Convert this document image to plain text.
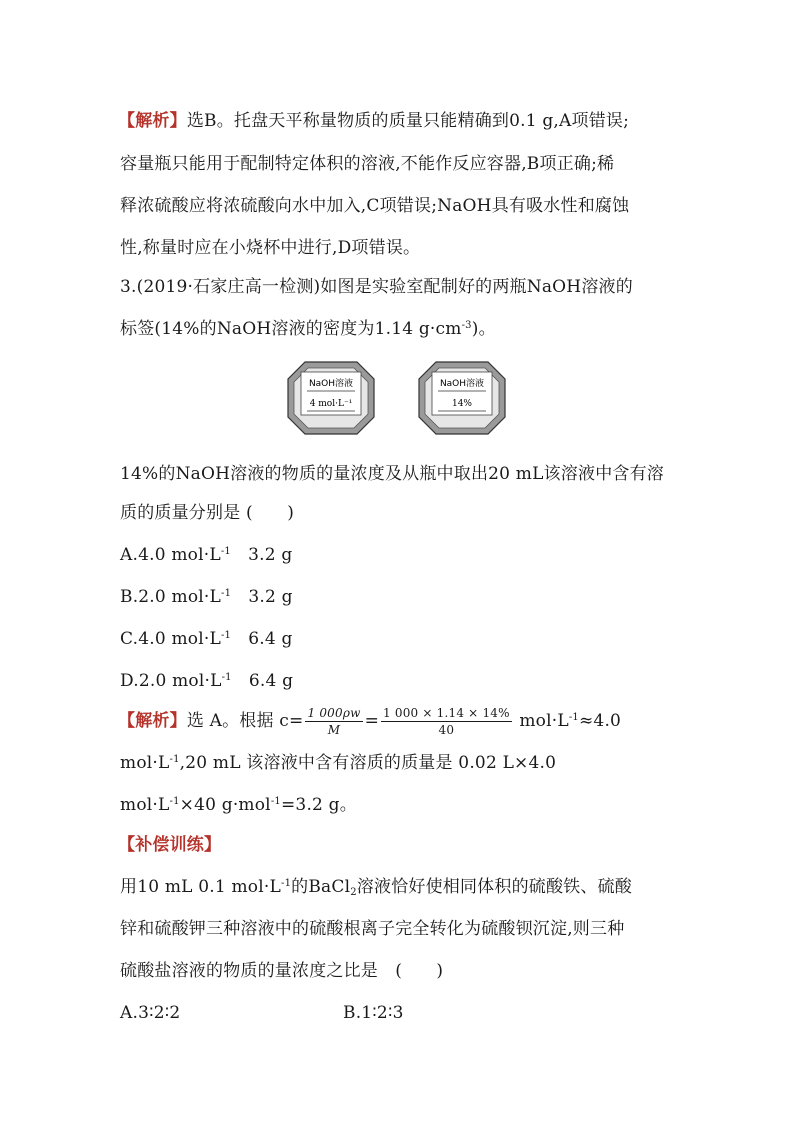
【解析】选B。托盘天平称量物质的质量只能精确到0.1 g,A项错误;
容量瓶只能用于配制特定体积的溶液,不能作反应容器,B项正确;稀
释浓硫酸应将浓硫酸向水中加入,C项错误;NaOH具有吸水性和腐蚀
性,称量时应在小烧杯中进行,D项错误。
3.(2019·石家庄高一检测)如图是实验室配制好的两瓶NaOH溶液的
标签(14%的NaOH溶液的密度为1.14 $g\cdot cm^{-3}$)。
NaOH溶液
4 mol·L⁻¹
NaOH溶液
14%
14%的NaOH溶液的物质的量浓度及从瓶中取出20 mL该溶液中含有溶
质的质量分别是 (　　)
A.4.0 $mol\cdot L^{-1}$　3.2 g
B.2.0 $mol\cdot L^{-1}$　3.2 g
C.4.0 $mol\cdot L^{-1}$　6.4 g
D.2.0 $mol\cdot L^{-1}$　6.4 g
【解析】选 A。根据 $c= \frac{1 000\rho w}{M} = \frac{1 000 \times 1.14 \times 14\%}{40} mol\cdot L^{-1}\approx 4.0$
$mol\cdot L^{-1},20$ mL 该溶液中含有溶质的质量是 0.02 L×4.0
$mol\cdot L^{-1}\times 40$ g·mol$^{-1}$=3.2 g。
【补偿训练】
用10 mL 0.1 $mol\cdot L^{-1}$的BaCl$_2$溶液恰好使相同体积的硫酸铁、硫酸
锌和硫酸钾三种溶液中的硫酸根离子完全转化为硫酸钡沉淀,则三种
硫酸盐溶液的物质的量浓度之比是　(　　)
A.3∶2∶2	B.1∶2∶3
